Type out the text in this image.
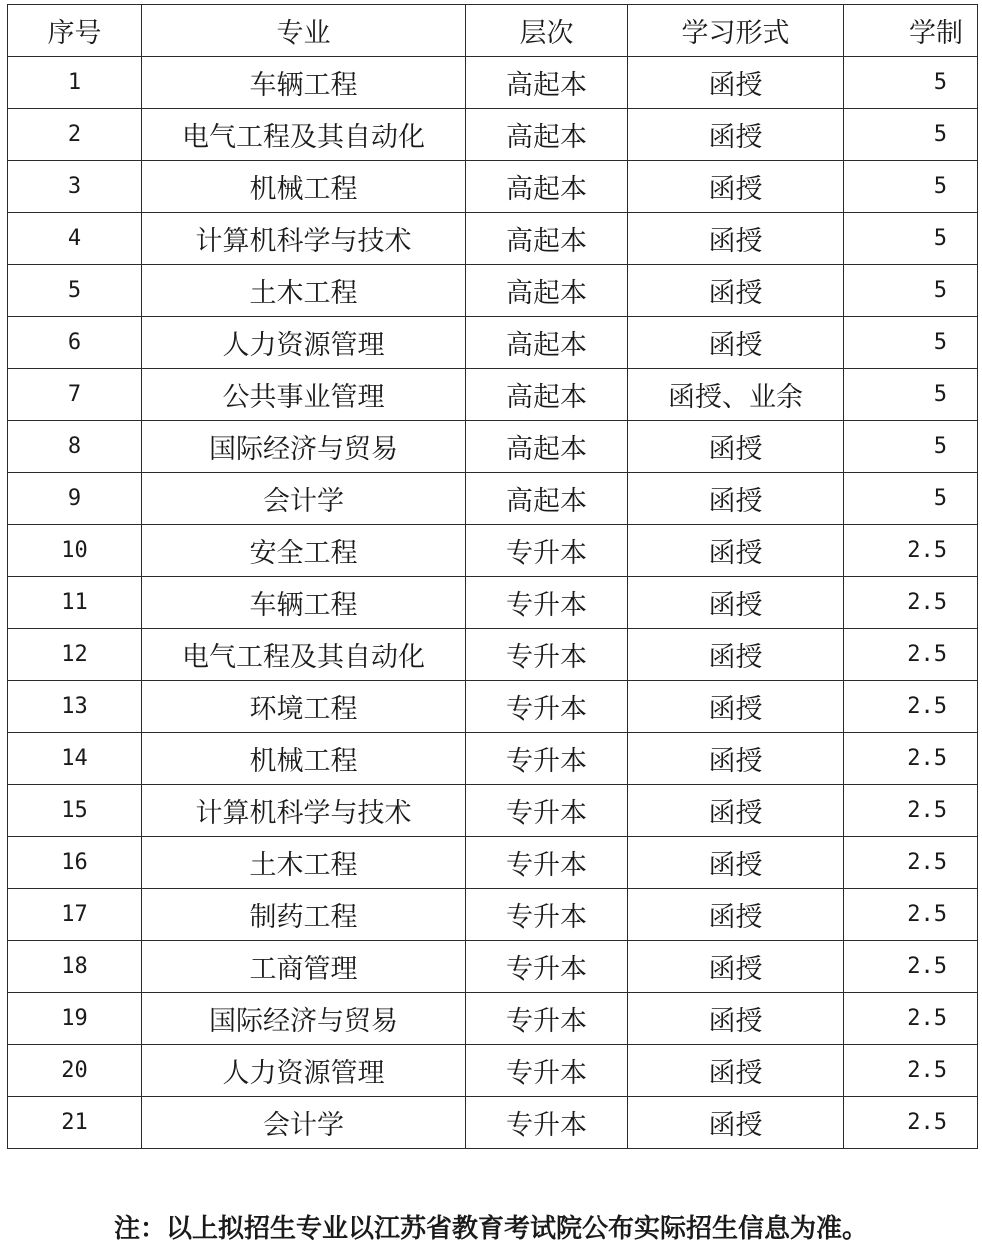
序号	专业	层次	学习形式	学制
1	车辆工程	高起本	函授	5
2	电气工程及其自动化	高起本	函授	5
3	机械工程	高起本	函授	5
4	计算机科学与技术	高起本	函授	5
5	土木工程	高起本	函授	5
6	人力资源管理	高起本	函授	5
7	公共事业管理	高起本	函授、业余	5
8	国际经济与贸易	高起本	函授	5
9	会计学	高起本	函授	5
10	安全工程	专升本	函授	2.5
11	车辆工程	专升本	函授	2.5
12	电气工程及其自动化	专升本	函授	2.5
13	环境工程	专升本	函授	2.5
14	机械工程	专升本	函授	2.5
15	计算机科学与技术	专升本	函授	2.5
16	土木工程	专升本	函授	2.5
17	制药工程	专升本	函授	2.5
18	工商管理	专升本	函授	2.5
19	国际经济与贸易	专升本	函授	2.5
20	人力资源管理	专升本	函授	2.5
21	会计学	专升本	函授	2.5
注：以上拟招生专业以江苏省教育考试院公布实际招生信息为准。
